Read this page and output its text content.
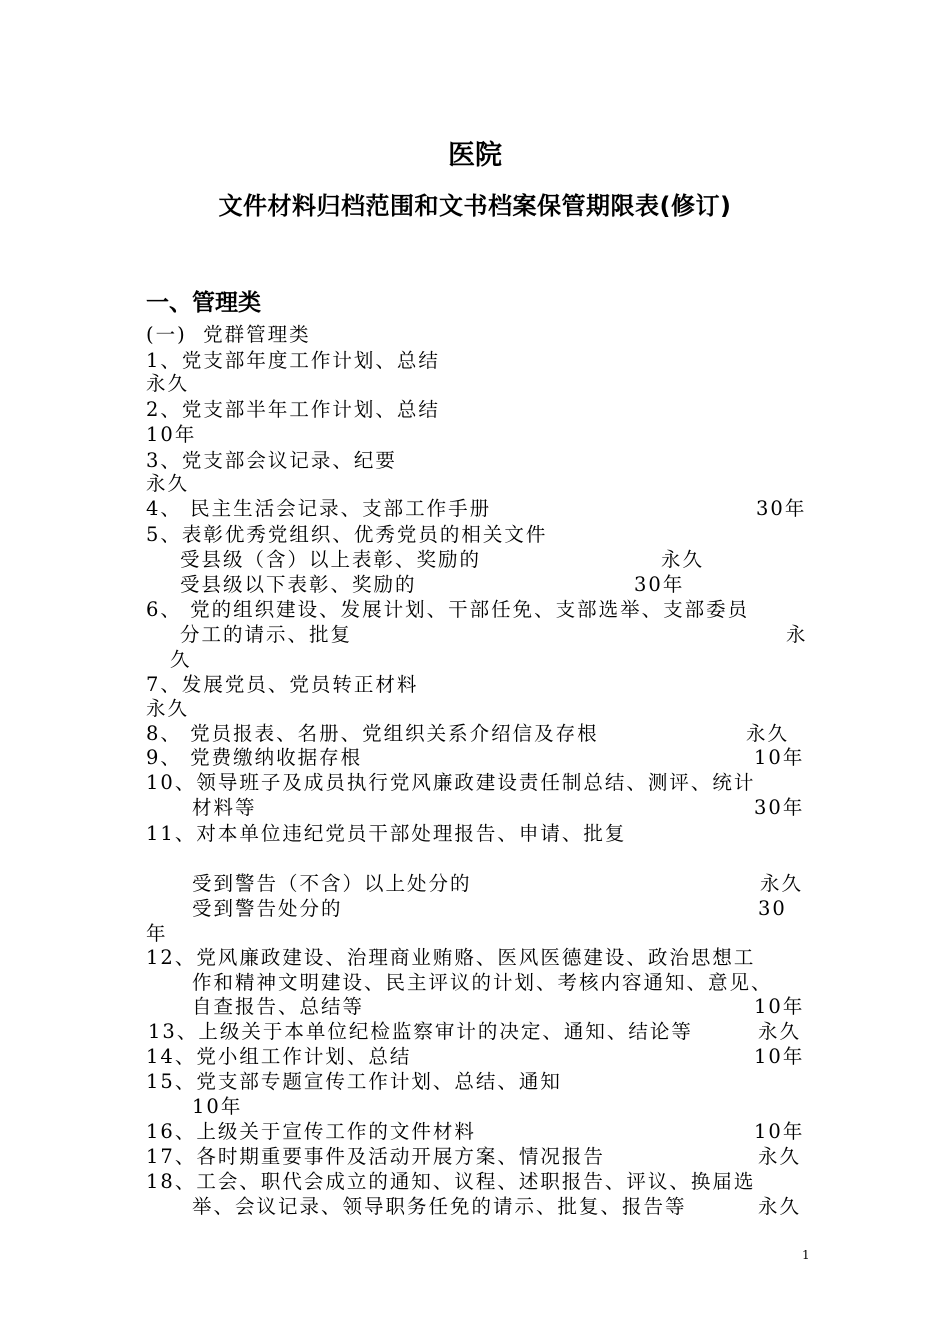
医院
文件材料归档范围和文书档案保管期限表(修订)
一、管理类
(一)  党群管理类
1、党支部年度工作计划、总结
永久
2、党支部半年工作计划、总结
10年
3、党支部会议记录、纪要
永久
4、 民主生活会记录、支部工作手册	30年
5、表彰优秀党组织、优秀党员的相关文件
受县级（含）以上表彰、奖励的	永久
受县级以下表彰、奖励的	30年
6、 党的组织建设、发展计划、干部任免、支部选举、支部委员
分工的请示、批复	永
久
7、发展党员、党员转正材料
永久
8、 党员报表、名册、党组织关系介绍信及存根	永久
9、 党费缴纳收据存根	10年
10、领导班子及成员执行党风廉政建设责任制总结、测评、统计
材料等	30年
11、对本单位违纪党员干部处理报告、申请、批复
受到警告（不含）以上处分的	永久
受到警告处分的	30
年
12、党风廉政建设、治理商业贿赂、医风医德建设、政治思想工
作和精神文明建设、民主评议的计划、考核内容通知、意见、
自查报告、总结等	10年
13、上级关于本单位纪检监察审计的决定、通知、结论等	永久
14、党小组工作计划、总结	10年
15、党支部专题宣传工作计划、总结、通知
10年
16、上级关于宣传工作的文件材料	10年
17、各时期重要事件及活动开展方案、情况报告	永久
18、工会、职代会成立的通知、议程、述职报告、评议、换届选
举、会议记录、领导职务任免的请示、批复、报告等	永久
1
